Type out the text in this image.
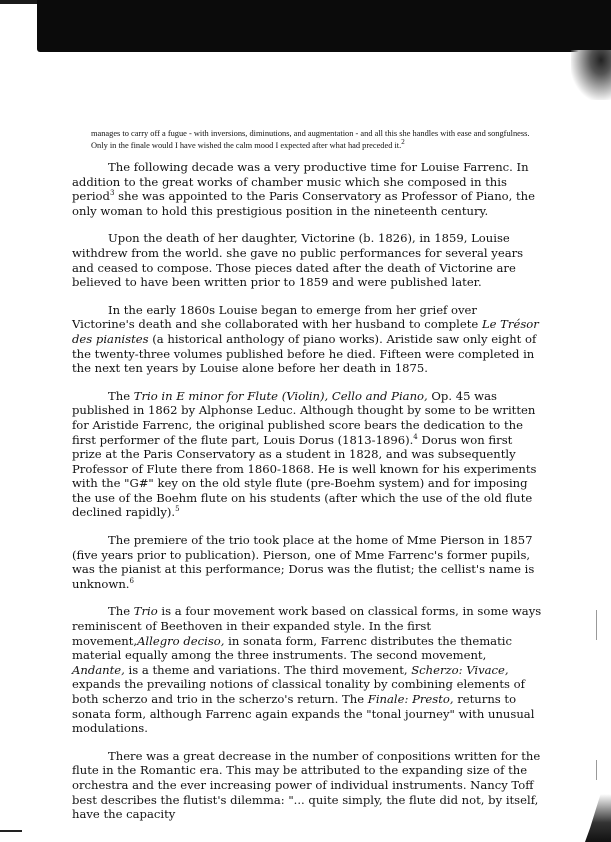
manages to carry off a fugue - with inversions, diminutions, and augmentation - and all this she handles with ease and songfulness. Only in the finale would I have wished the calm mood I expected after what had preceded it.$^2$

The following decade was a very productive time for Louise Farrenc. In addition to the great works of chamber music which she composed in this period$^3$ she was appointed to the Paris Conservatory as Professor of Piano, the only woman to hold this prestigious position in the nineteenth century.

Upon the death of her daughter, Victorine (b. 1826), in 1859, Louise withdrew from the world. she gave no public performances for several years and ceased to compose. Those pieces dated after the death of Victorine are believed to have been written prior to 1859 and were published later.

In the early 1860s Louise began to emerge from her grief over Victorine's death and she collaborated with her husband to complete Le Trésor des pianistes (a historical anthology of piano works). Aristide saw only eight of the twenty-three volumes published before he died. Fifteen were completed in the next ten years by Louise alone before her death in 1875.

The Trio in E minor for Flute (Violin), Cello and Piano, Op. 45 was published in 1862 by Alphonse Leduc. Although thought by some to be written for Aristide Farrenc, the original published score bears the dedication to the first performer of the flute part, Louis Dorus (1813-1896).$^4$ Dorus won first prize at the Paris Conservatory as a student in 1828, and was subsequently Professor of Flute there from 1860-1868. He is well known for his experiments with the "G#" key on the old style flute (pre-Boehm system) and for imposing the use of the Boehm flute on his students (after which the use of the old flute declined rapidly).$^5$

The premiere of the trio took place at the home of Mme Pierson in 1857 (five years prior to publication). Pierson, one of Mme Farrenc's former pupils, was the pianist at this performance; Dorus was the flutist; the cellist's name is unknown.$^6$

The Trio is a four movement work based on classical forms, in some ways reminiscent of Beethoven in their expanded style. In the first movement,Allegro deciso, in sonata form, Farrenc distributes the thematic material equally among the three instruments. The second movement, Andante, is a theme and variations. The third movement, Scherzo: Vivace, expands the prevailing notions of classical tonality by combining elements of both scherzo and trio in the scherzo's return. The Finale: Presto, returns to sonata form, although Farrenc again expands the "tonal journey" with unusual modulations.

There was a great decrease in the number of conpositions written for the flute in the Romantic era. This may be attributed to the expanding size of the orchestra and the ever increasing power of individual instruments. Nancy Toff best describes the flutist's dilemma: "... quite simply, the flute did not, by itself, have the capacity
